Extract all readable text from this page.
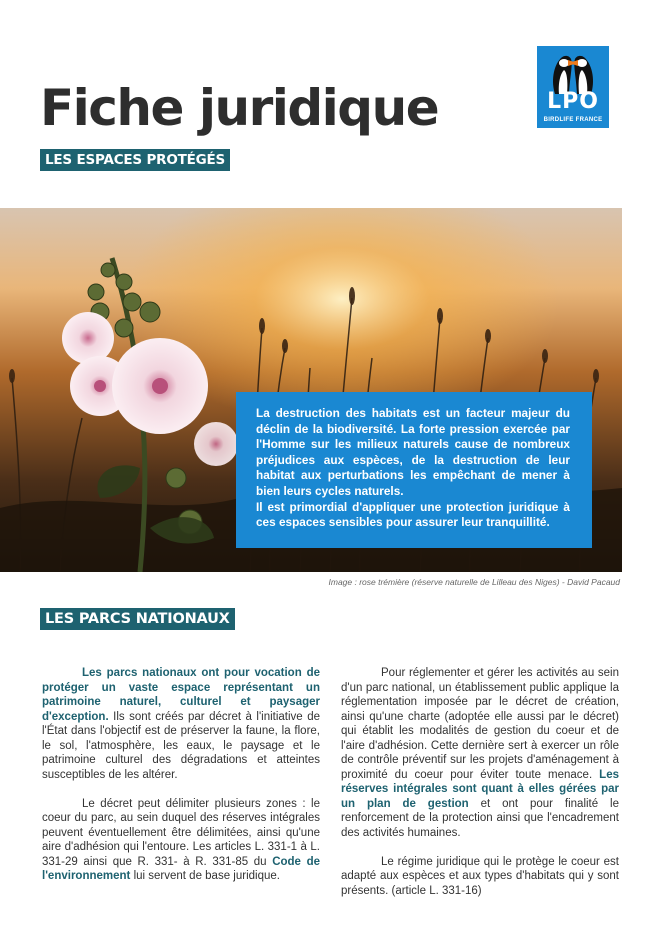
Fiche juridique	LPO
BIRDLIFE FRANCE
LES ESPACES PROTÉGÉS

La destruction des habitats est un facteur majeur du déclin de la biodiversité. La forte pression exercée par l'Homme sur les milieux naturels cause de nombreux préjudices aux espèces, de la destruction de leur habitat aux perturbations les empêchant de mener à bien leurs cycles naturels.

Il est primordial d'appliquer une protection juridique à ces espaces sensibles pour assurer leur tranquillité.

Image : rose trémière (réserve naturelle de Lilleau des Niges) - David Pacaud

LES PARCS NATIONAUX

Les parcs nationaux ont pour vocation de protéger un vaste espace représentant un patrimoine naturel, culturel et paysager d'exception. Ils sont créés par décret à l'initiative de l'État dans l'objectif est de préserver la faune, la flore, le sol, l'atmosphère, les eaux, le paysage et le patrimoine culturel des dégradations et atteintes susceptibles de les altérer.

Le décret peut délimiter plusieurs zones : le coeur du parc, au sein duquel des réserves intégrales peuvent éventuellement être délimitées, ainsi qu'une aire d'adhésion qui l'entoure. Les articles L. 331-1 à L. 331-29 ainsi que R. 331- à R. 331-85 du Code de l'environnement lui servent de base juridique.

Pour réglementer et gérer les activités au sein d'un parc national, un établissement public applique la réglementation imposée par le décret de création, ainsi qu'une charte (adoptée elle aussi par le décret) qui établit les modalités de gestion du coeur et de l'aire d'adhésion. Cette dernière sert à exercer un rôle de contrôle préventif sur les projets d'aménagement à proximité du coeur pour éviter toute menace. Les réserves intégrales sont quant à elles gérées par un plan de gestion et ont pour finalité le renforcement de la protection ainsi que l'encadrement des activités humaines.

Le régime juridique qui le protège le coeur est adapté aux espèces et aux types d'habitats qui y sont présents. (article L. 331-16)
